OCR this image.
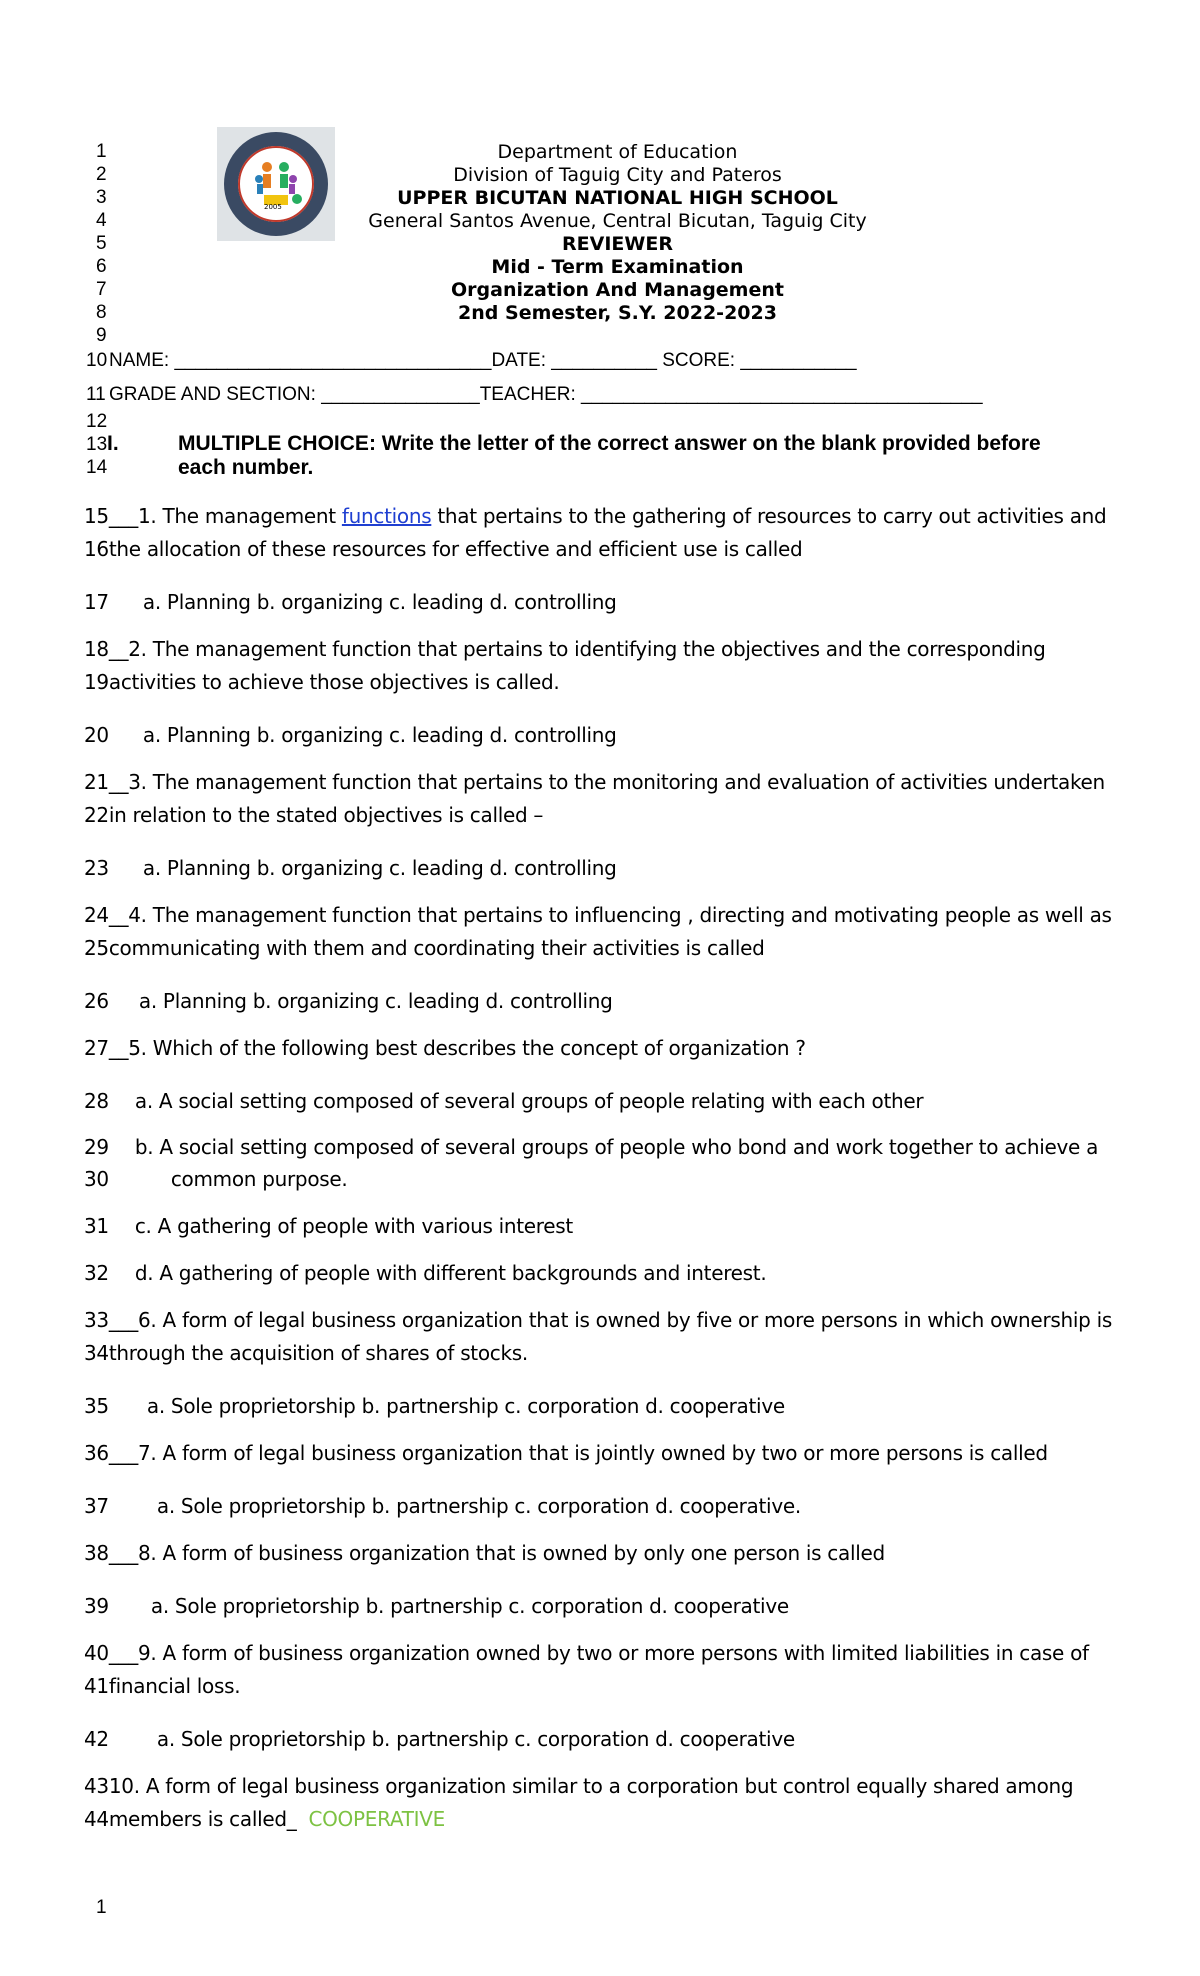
2005
Department of Education
Division of Taguig City and Pateros
UPPER BICUTAN NATIONAL HIGH SCHOOL
General Santos Avenue, Central Bicutan, Taguig City
REVIEWER
Mid - Term Examination
Organization And Management
2nd Semester, S.Y. 2022-2023
1
2
3
4
5
6
7
8
9
10
11
12
13
14
NAME: ______________________________DATE: __________ SCORE: ___________
GRADE AND SECTION: _______________TEACHER: ______________________________________
I.	MULTIPLE CHOICE: Write the letter of the correct answer on the blank provided before
each number.
15___1. The management functions that pertains to the gathering of resources to carry out activities and
16the allocation of these resources for effective and efficient use is called
17 a. Planning b. organizing c. leading d. controlling
18__2. The management function that pertains to identifying the objectives and the corresponding
19activities to achieve those objectives is called.
20 a. Planning b. organizing c. leading d. controlling
21__3. The management function that pertains to the monitoring and evaluation of activities undertaken
22in relation to the stated objectives is called –
23 a. Planning b. organizing c. leading d. controlling
24__4. The management function that pertains to influencing , directing and motivating people as well as
25communicating with them and coordinating their activities is called
26 a. Planning b. organizing c. leading d. controlling
27__5. Which of the following best describes the concept of organization ?
28 a. A social setting composed of several groups of people relating with each other
29 b. A social setting composed of several groups of people who bond and work together to achieve a
30	common purpose.
31 c. A gathering of people with various interest
32 d. A gathering of people with different backgrounds and interest.
33___6. A form of legal business organization that is owned by five or more persons in which ownership is
34through the acquisition of shares of stocks.
35 a. Sole proprietorship b. partnership c. corporation d. cooperative
36___7. A form of legal business organization that is jointly owned by two or more persons is called
37 a. Sole proprietorship b. partnership c. corporation d. cooperative.
38___8. A form of business organization that is owned by only one person is called
39 a. Sole proprietorship b. partnership c. corporation d. cooperative
40___9. A form of business organization owned by two or more persons with limited liabilities in case of
41financial loss.
42 a. Sole proprietorship b. partnership c. corporation d. cooperative
4310. A form of legal business organization similar to a corporation but control equally shared among
44members is called_ COOPERATIVE
1
